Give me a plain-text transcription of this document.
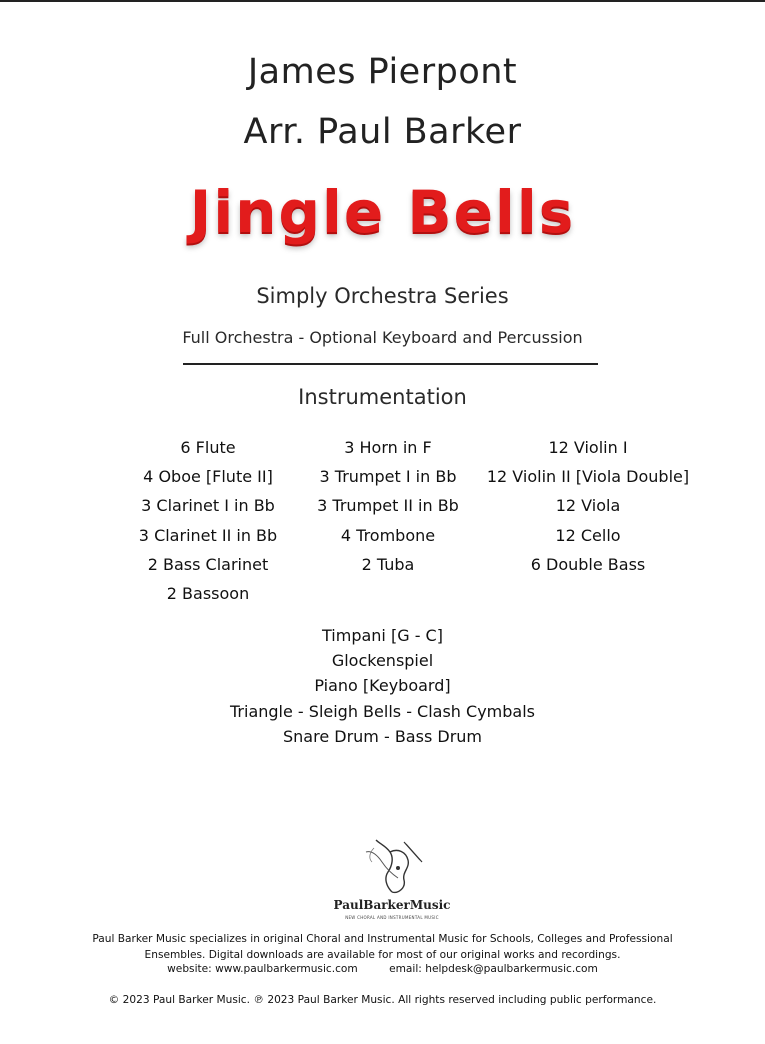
James Pierpont
Arr. Paul Barker
Jingle Bells
Simply Orchestra Series
Full Orchestra - Optional Keyboard and Percussion
Instrumentation
6 Flute
4 Oboe [Flute II]
3 Clarinet I in Bb
3 Clarinet II in Bb
2 Bass Clarinet
2 Bassoon
3 Horn in F
3 Trumpet I in Bb
3 Trumpet II in Bb
4 Trombone
2 Tuba
12 Violin I
12 Violin II [Viola Double]
12 Viola
12 Cello
6 Double Bass
Timpani [G - C]
Glockenspiel
Piano [Keyboard]
Triangle - Sleigh Bells - Clash Cymbals
Snare Drum - Bass Drum
PaulBarkerMusic
NEW CHORAL AND INSTRUMENTAL MUSIC
Paul Barker Music specializes in original Choral and Instrumental Music for Schools, Colleges and Professional Ensembles. Digital downloads are available for most of our original works and recordings.
website: www.paulbarkermusic.com	email: helpdesk@paulbarkermusic.com
© 2023 Paul Barker Music. ℗ 2023 Paul Barker Music. All rights reserved including public performance.
